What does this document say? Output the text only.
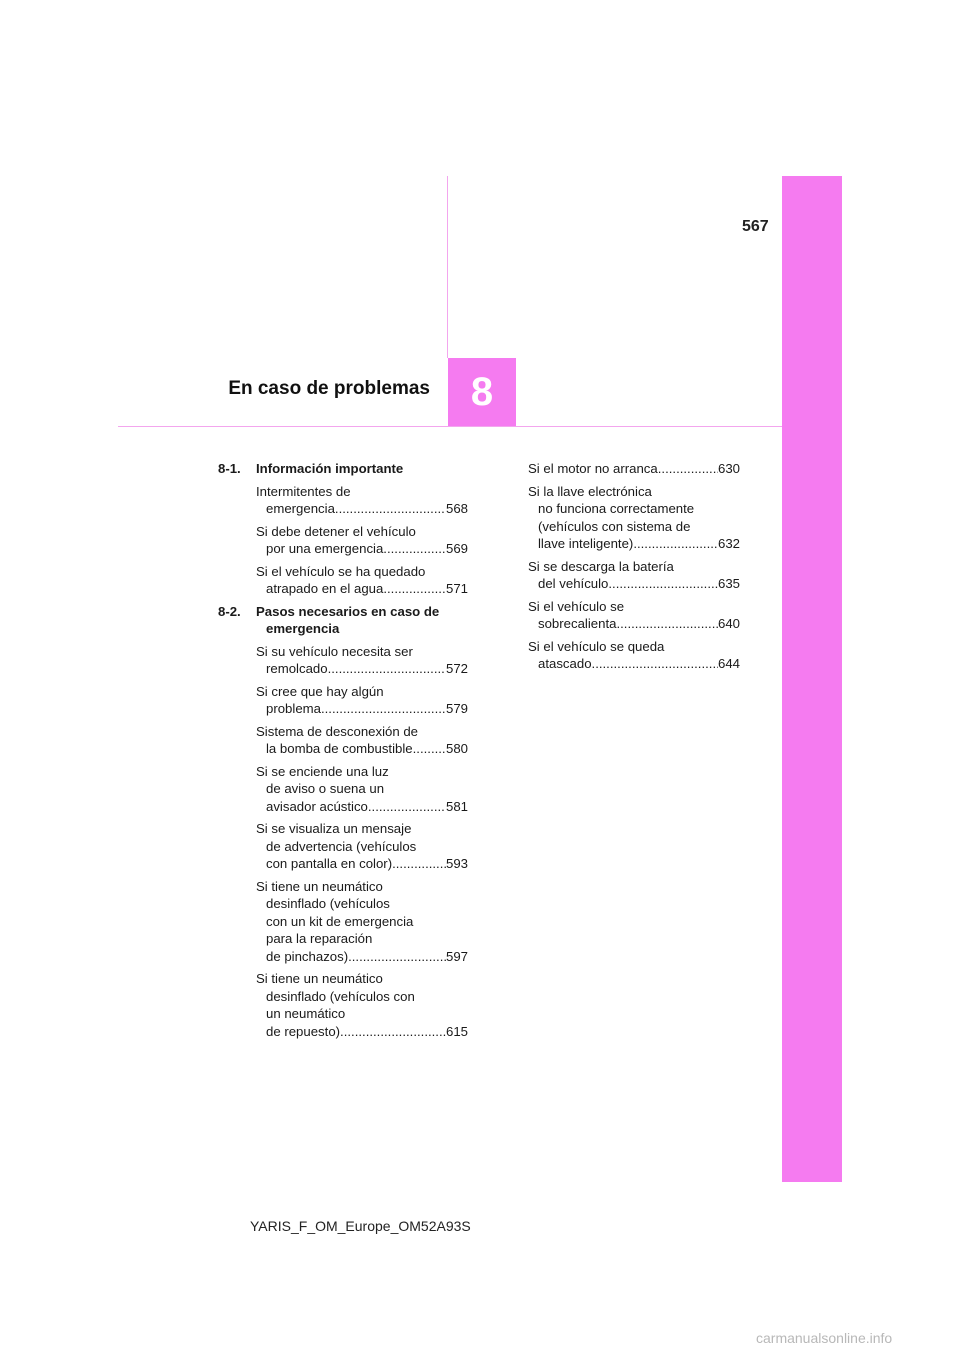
567
En caso de problemas	8
8-1. Información importante
Intermitentes de
emergencia .....	568
Si debe detener el vehículo
por una emergencia .....	569
Si el vehículo se ha quedado
atrapado en el agua .....	571
8-2. Pasos necesarios en caso de
emergencia
Si su vehículo necesita ser
remolcado .....	572
Si cree que hay algún
problema .....	579
Sistema de desconexión de
la bomba de combustible .....	580
Si se enciende una luz
de aviso o suena un
avisador acústico .....	581
Si se visualiza un mensaje
de advertencia (vehículos
con pantalla en color) .....	593
Si tiene un neumático
desinflado (vehículos
con un kit de emergencia
para la reparación
de pinchazos) .....	597
Si tiene un neumático
desinflado (vehículos con
un neumático
de repuesto) .....	615
Si el motor no arranca .....	630
Si la llave electrónica
no funciona correctamente
(vehículos con sistema de
llave inteligente) .....	632
Si se descarga la batería
del vehículo .....	635
Si el vehículo se
sobrecalienta .....	640
Si el vehículo se queda
atascado .....	644
YARIS_F_OM_Europe_OM52A93S
carmanualsonline.info
